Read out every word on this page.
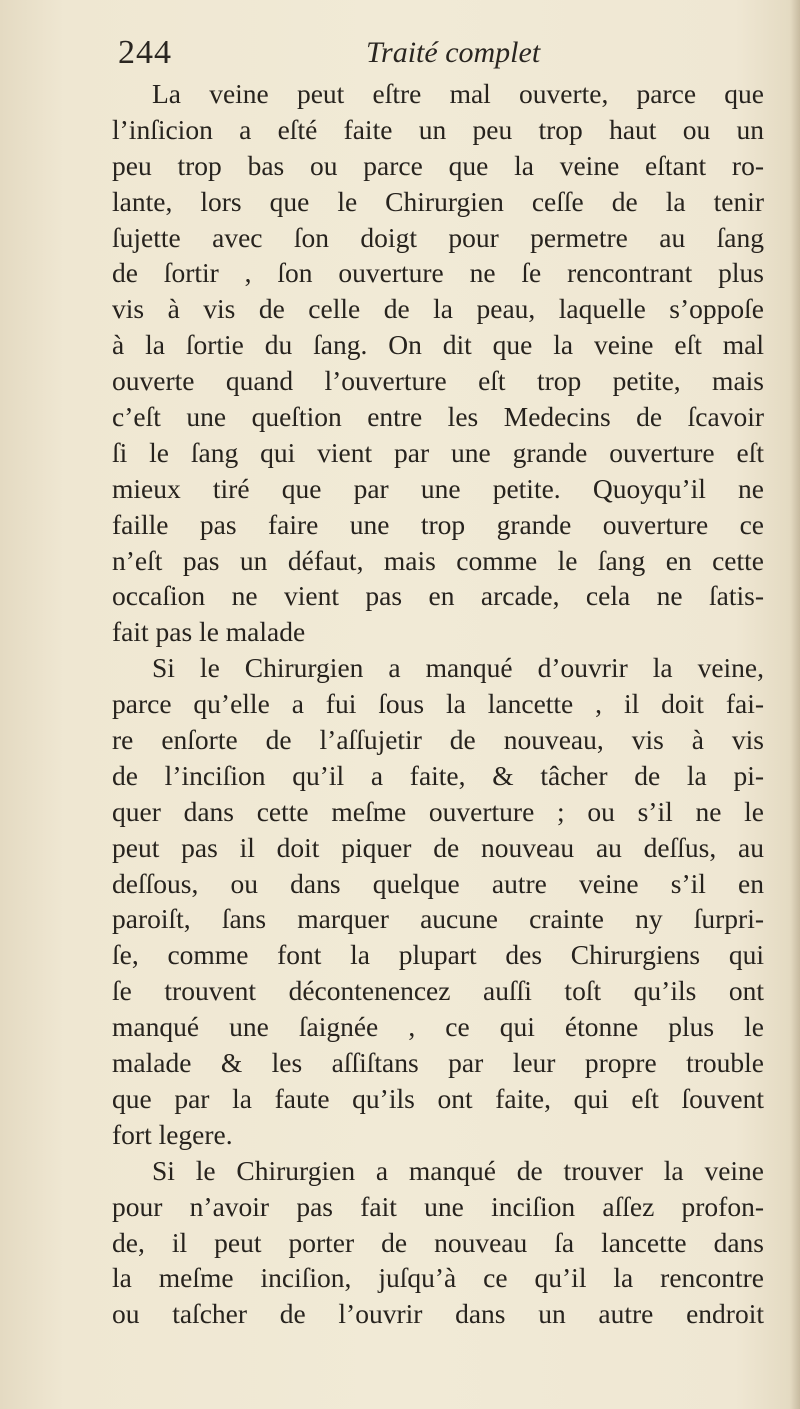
244	Traité complet
La veine peut eſtre mal ouverte, parce que
l’inſicion a eſté faite un peu trop haut ou un
peu trop bas ou parce que la veine eſtant ro-
lante, lors que le Chirurgien ceſſe de la tenir
ſujette avec ſon doigt pour permetre au ſang
de ſortir , ſon ouverture ne ſe rencontrant plus
vis à vis de celle de la peau, laquelle s’oppoſe
à la ſortie du ſang. On dit que la veine eſt mal
ouverte quand l’ouverture eſt trop petite, mais
c’eſt une queſtion entre les Medecins de ſcavoir
ſi le ſang qui vient par une grande ouverture eſt
mieux tiré que par une petite. Quoyqu’il ne
faille pas faire une trop grande ouverture ce
n’eſt pas un défaut, mais comme le ſang en cette
occaſion ne vient pas en arcade, cela ne ſatis-
fait pas le malade
Si le Chirurgien a manqué d’ouvrir la veine,
parce qu’elle a fui ſous la lancette , il doit fai-
re enſorte de l’aſſujetir de nouveau, vis à vis
de l’inciſion qu’il a faite, & tâcher de la pi-
quer dans cette meſme ouverture ; ou s’il ne le
peut pas il doit piquer de nouveau au deſſus, au
deſſous, ou dans quelque autre veine s’il en
paroiſt, ſans marquer aucune crainte ny ſurpri-
ſe, comme font la plupart des Chirurgiens qui
ſe trouvent décontenencez auſſi toſt qu’ils ont
manqué une ſaignée , ce qui étonne plus le
malade & les aſſiſtans par leur propre trouble
que par la faute qu’ils ont faite, qui eſt ſouvent
fort legere.
Si le Chirurgien a manqué de trouver la veine
pour n’avoir pas fait une inciſion aſſez profon-
de, il peut porter de nouveau ſa lancette dans
la meſme inciſion, juſqu’à ce qu’il la rencontre
ou taſcher de l’ouvrir dans un autre endroit
